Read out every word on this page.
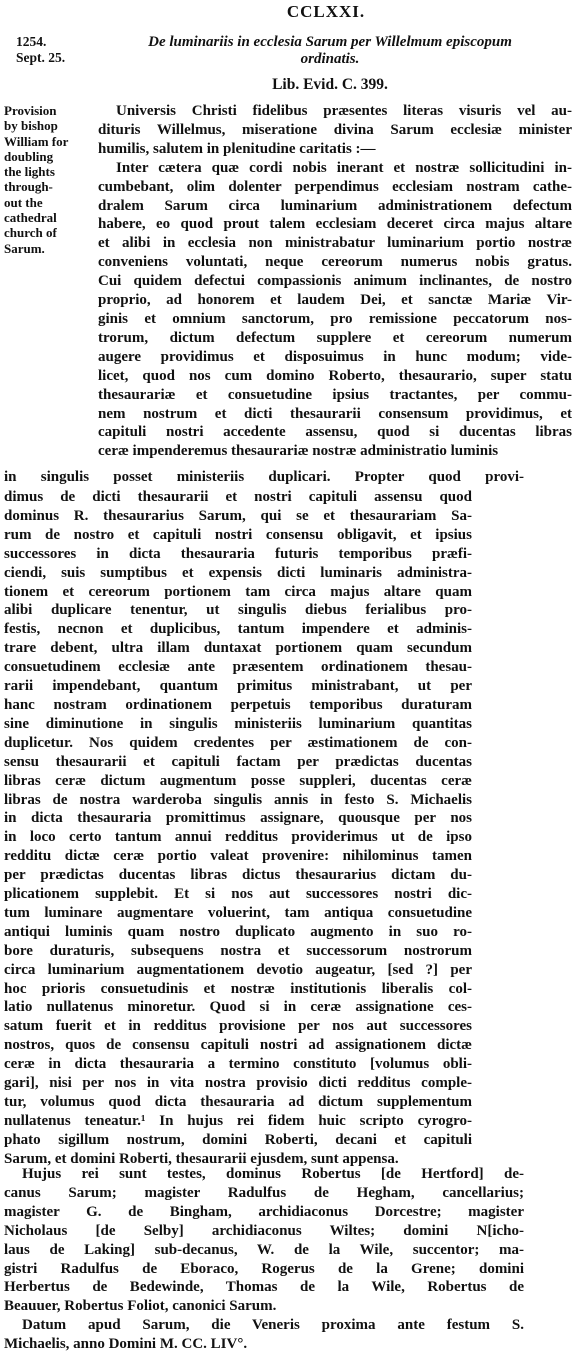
CCLXXI.
1254.
Sept. 25.
De luminariis in ecclesia Sarum per Willelmum episcopum
ordinatis.
Lib. Evid. C. 399.
Provision
by bishop
William for
doubling
the lights
through-
out the
cathedral
church of
Sarum.
Universis Christi fidelibus præsentes literas visuris vel au-
dituris Willelmus, miseratione divina Sarum ecclesiæ minister
humilis, salutem in plenitudine caritatis :—
Inter cætera quæ cordi nobis inerant et nostræ sollicitudini in-
cumbebant, olim dolenter perpendimus ecclesiam nostram cathe-
dralem Sarum circa luminarium administrationem defectum
habere, eo quod prout talem ecclesiam deceret circa majus altare
et alibi in ecclesia non ministrabatur luminarium portio nostræ
conveniens voluntati, neque cereorum numerus nobis gratus.
Cui quidem defectui compassionis animum inclinantes, de nostro
proprio, ad honorem et laudem Dei, et sanctæ Mariæ Vir-
ginis et omnium sanctorum, pro remissione peccatorum nos-
trorum, dictum defectum supplere et cereorum numerum
augere providimus et disposuimus in hunc modum; vide-
licet, quod nos cum domino Roberto, thesaurario, super statu
thesaurariæ et consuetudine ipsius tractantes, per commu-
nem nostrum et dicti thesaurarii consensum providimus, et
capituli nostri accedente assensu, quod si ducentas libras
ceræ impenderemus thesaurariæ nostræ administratio luminis
in singulis posset ministeriis duplicari. Propter quod provi-
dimus de dicti thesaurarii et nostri capituli assensu quod
dominus R. thesaurarius Sarum, qui se et thesaurariam Sa-
rum de nostro et capituli nostri consensu obligavit, et ipsius
successores in dicta thesauraria futuris temporibus præfi-
ciendi, suis sumptibus et expensis dicti luminaris administra-
tionem et cereorum portionem tam circa majus altare quam
alibi duplicare tenentur, ut singulis diebus ferialibus pro-
festis, necnon et duplicibus, tantum impendere et adminis-
trare debent, ultra illam duntaxat portionem quam secundum
consuetudinem ecclesiæ ante præsentem ordinationem thesau-
rarii impendebant, quantum primitus ministrabant, ut per
hanc nostram ordinationem perpetuis temporibus duraturam
sine diminutione in singulis ministeriis luminarium quantitas
duplicetur. Nos quidem credentes per æstimationem de con-
sensu thesaurarii et capituli factam per prædictas ducentas
libras ceræ dictum augmentum posse suppleri, ducentas ceræ
libras de nostra warderoba singulis annis in festo S. Michaelis
in dicta thesauraria promittimus assignare, quousque per nos
in loco certo tantum annui redditus providerimus ut de ipso
redditu dictæ ceræ portio valeat provenire: nihilominus tamen
per prædictas ducentas libras dictus thesaurarius dictam du-
plicationem supplebit. Et si nos aut successores nostri dic-
tum luminare augmentare voluerint, tam antiqua consuetudine
antiqui luminis quam nostro duplicato augmento in suo ro-
bore duraturis, subsequens nostra et successorum nostrorum
circa luminarium augmentationem devotio augeatur, [sed ?] per
hoc prioris consuetudinis et nostræ institutionis liberalis col-
latio nullatenus minoretur. Quod si in ceræ assignatione ces-
satum fuerit et in redditus provisione per nos aut successores
nostros, quos de consensu capituli nostri ad assignationem dictæ
ceræ in dicta thesauraria a termino constituto [volumus obli-
gari], nisi per nos in vita nostra provisio dicti redditus comple-
tur, volumus quod dicta thesauraria ad dictum supplementum
nullatenus teneatur.¹ In hujus rei fidem huic scripto cyrogro-
phato sigillum nostrum, domini Roberti, decani et capituli
Sarum, et domini Roberti, thesaurarii ejusdem, sunt appensa.
Hujus rei sunt testes, dominus Robertus [de Hertford] de-
canus Sarum; magister Radulfus de Hegham, cancellarius;
magister G. de Bingham, archidiaconus Dorcestre; magister
Nicholaus [de Selby] archidiaconus Wiltes; domini N[icho-
laus de Laking] sub-decanus, W. de la Wile, succentor; ma-
gistri Radulfus de Eboraco, Rogerus de la Grene; domini
Herbertus de Bedewinde, Thomas de la Wile, Robertus de
Beauuer, Robertus Foliot, canonici Sarum.
Datum apud Sarum, die Veneris proxima ante festum S.
Michaelis, anno Domini M. CC. LIV°.
